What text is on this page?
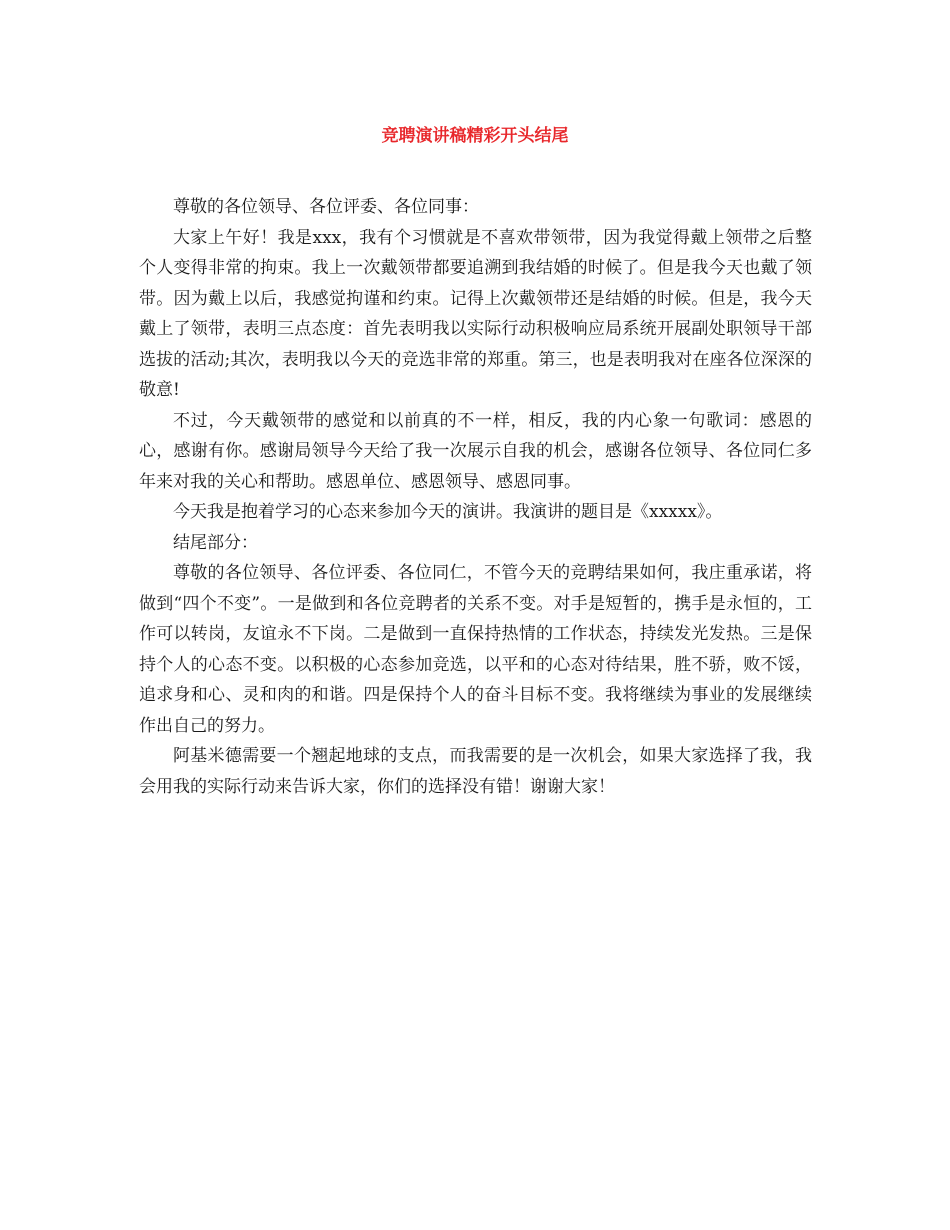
竞聘演讲稿精彩开头结尾

尊敬的各位领导、各位评委、各位同事：

大家上午好！我是xxx，我有个习惯就是不喜欢带领带，因为我觉得戴上领带之后整个人变得非常的拘束。我上一次戴领带都要追溯到我结婚的时候了。但是我今天也戴了领带。因为戴上以后，我感觉拘谨和约束。记得上次戴领带还是结婚的时候。但是，我今天戴上了领带，表明三点态度：首先表明我以实际行动积极响应局系统开展副处职领导干部选拔的活动;其次，表明我以今天的竞选非常的郑重。第三，也是表明我对在座各位深深的敬意!

不过，今天戴领带的感觉和以前真的不一样，相反，我的内心象一句歌词：感恩的心，感谢有你。感谢局领导今天给了我一次展示自我的机会，感谢各位领导、各位同仁多年来对我的关心和帮助。感恩单位、感恩领导、感恩同事。

今天我是抱着学习的心态来参加今天的演讲。我演讲的题目是《xxxxx》。

结尾部分：

尊敬的各位领导、各位评委、各位同仁，不管今天的竞聘结果如何，我庄重承诺，将做到“四个不变”。一是做到和各位竞聘者的关系不变。对手是短暂的，携手是永恒的，工作可以转岗，友谊永不下岗。二是做到一直保持热情的工作状态，持续发光发热。三是保持个人的心态不变。以积极的心态参加竞选，以平和的心态对待结果，胜不骄，败不馁，追求身和心、灵和肉的和谐。四是保持个人的奋斗目标不变。我将继续为事业的发展继续作出自己的努力。

阿基米德需要一个翘起地球的支点，而我需要的是一次机会，如果大家选择了我，我会用我的实际行动来告诉大家，你们的选择没有错！谢谢大家！
